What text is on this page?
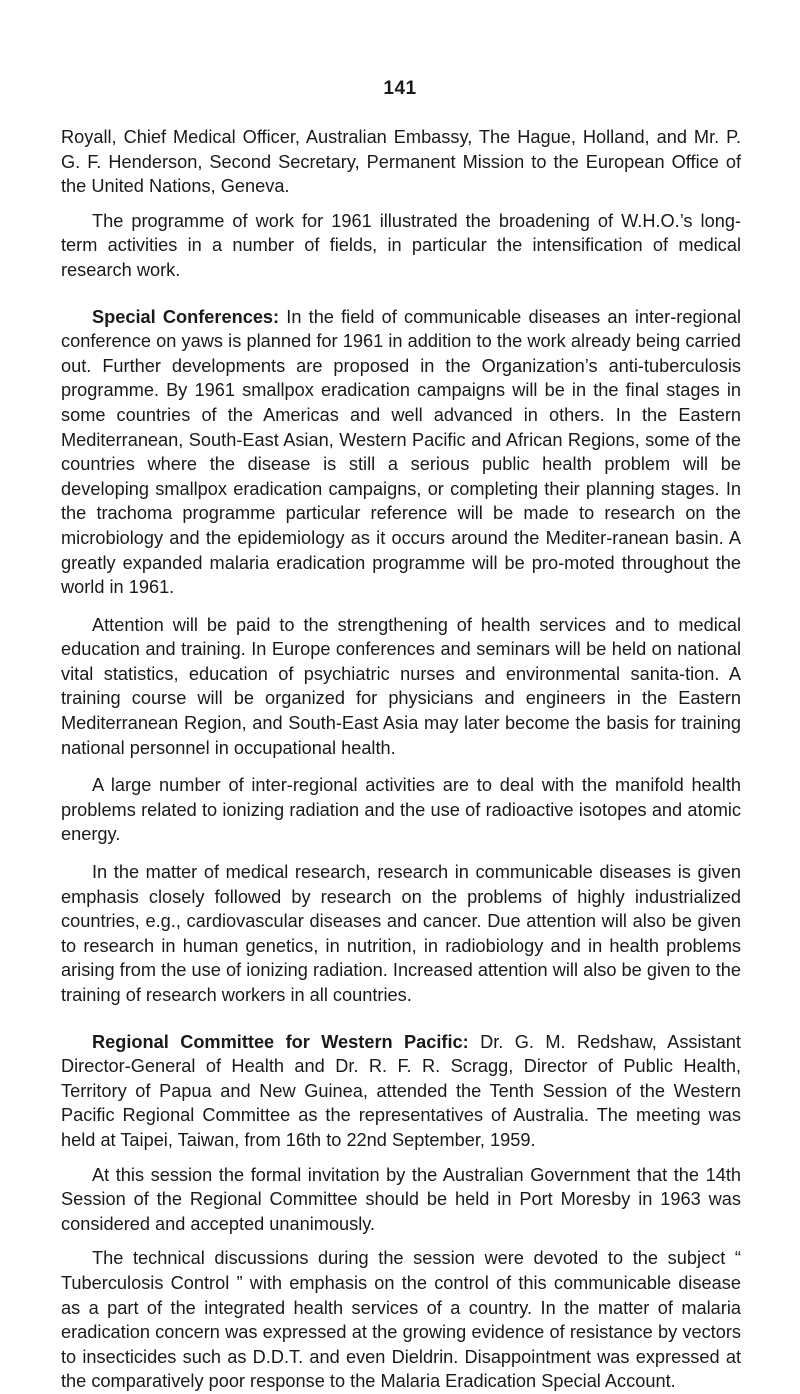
141

Royall, Chief Medical Officer, Australian Embassy, The Hague, Holland, and Mr. P. G. F. Henderson, Second Secretary, Permanent Mission to the European Office of the United Nations, Geneva.

The programme of work for 1961 illustrated the broadening of W.H.O.’s long-term activities in a number of fields, in particular the intensification of medical research work.

Special Conferences: In the field of communicable diseases an inter-regional conference on yaws is planned for 1961 in addition to the work already being carried out. Further developments are proposed in the Organization’s anti-tuberculosis programme. By 1961 smallpox eradication campaigns will be in the final stages in some countries of the Americas and well advanced in others. In the Eastern Mediterranean, South-East Asian, Western Pacific and African Regions, some of the countries where the disease is still a serious public health problem will be developing smallpox eradication campaigns, or completing their planning stages. In the trachoma programme particular reference will be made to research on the microbiology and the epidemiology as it occurs around the Mediter-ranean basin. A greatly expanded malaria eradication programme will be pro-moted throughout the world in 1961.

Attention will be paid to the strengthening of health services and to medical education and training. In Europe conferences and seminars will be held on national vital statistics, education of psychiatric nurses and environmental sanita-tion. A training course will be organized for physicians and engineers in the Eastern Mediterranean Region, and South-East Asia may later become the basis for training national personnel in occupational health.

A large number of inter-regional activities are to deal with the manifold health problems related to ionizing radiation and the use of radioactive isotopes and atomic energy.

In the matter of medical research, research in communicable diseases is given emphasis closely followed by research on the problems of highly industrialized countries, e.g., cardiovascular diseases and cancer. Due attention will also be given to research in human genetics, in nutrition, in radiobiology and in health problems arising from the use of ionizing radiation. Increased attention will also be given to the training of research workers in all countries.

Regional Committee for Western Pacific: Dr. G. M. Redshaw, Assistant Director-General of Health and Dr. R. F. R. Scragg, Director of Public Health, Territory of Papua and New Guinea, attended the Tenth Session of the Western Pacific Regional Committee as the representatives of Australia. The meeting was held at Taipei, Taiwan, from 16th to 22nd September, 1959.

At this session the formal invitation by the Australian Government that the 14th Session of the Regional Committee should be held in Port Moresby in 1963 was considered and accepted unanimously.

The technical discussions during the session were devoted to the subject “ Tuberculosis Control ” with emphasis on the control of this communicable disease as a part of the integrated health services of a country. In the matter of malaria eradication concern was expressed at the growing evidence of resistance by vectors to insecticides such as D.D.T. and even Dieldrin. Disappointment was expressed at the comparatively poor response to the Malaria Eradication Special Account.
